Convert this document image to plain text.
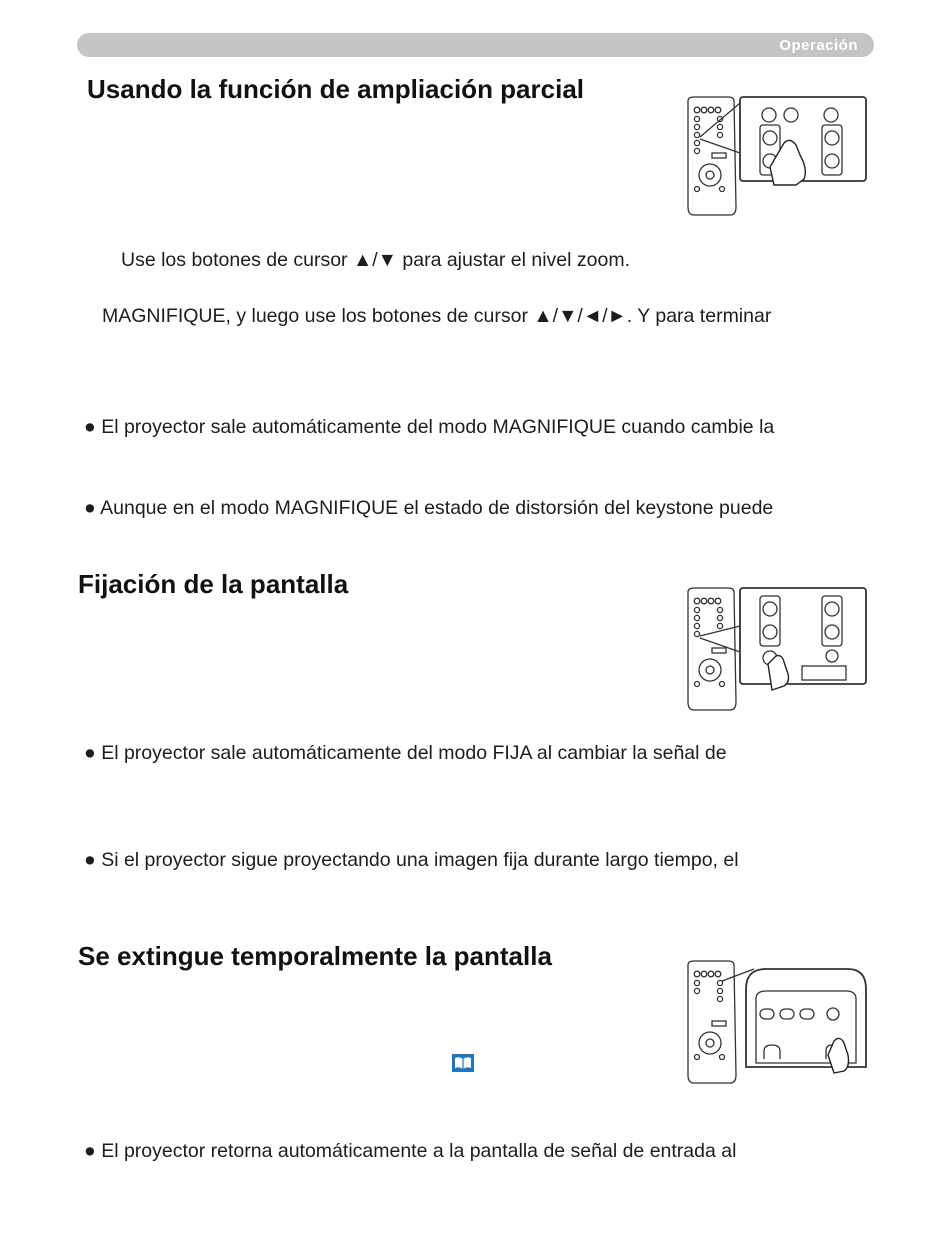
Operación
Usando la función de ampliación parcial

Use los botones de cursor ▲/▼ para ajustar el nivel zoom.

MAGNIFIQUE, y luego use los botones de cursor ▲/▼/◄/►. Y para terminar

● El proyector sale automáticamente del modo MAGNIFIQUE cuando cambie la

● Aunque en el modo MAGNIFIQUE el estado de distorsión del keystone puede

Fijación de la pantalla

● El proyector sale automáticamente del modo FIJA al cambiar la señal de

● Si el proyector sigue proyectando una imagen fija durante largo tiempo, el

Se extingue temporalmente la pantalla

● El proyector retorna automáticamente a la pantalla de señal de entrada al
